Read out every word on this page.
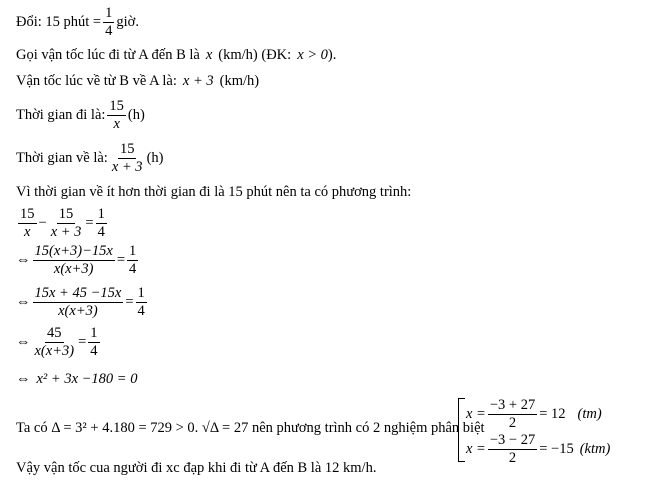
Đổi: 15 phút = $\frac{1}{4}$ giờ.
Gọi vận tốc lúc đi từ A đến B là x (km/h) (ĐK: x > 0 ).
Vận tốc lúc về từ B về A là: x + 3 (km/h)
Thời gian đi là: $\frac{15}{x} (h)$
Thời gian về là: $\frac{15}{x + 3} (h)$
Vì thời gian về ít hơn thời gian đi là 15 phút nên ta có phương trình:
$\frac{15}{x} - \frac{15}{x + 3} = \frac{1}{4}$
⇔ $\frac{15(x+3)-15x}{x(x+3)} = \frac{1}{4}$
⇔ $\frac{15x + 45 -15x}{x(x+3)} = \frac{1}{4}$
⇔ $\frac{45}{x(x+3)} = \frac{1}{4}$
⇔ x² + 3x −180 = 0
Ta có Δ = 3² + 4.180 = 729 > 0. √Δ = 27 nên phương trình có 2 nghiệm phân biệt
$x = \frac{-3 + 27}{2} = 12$ (tm)
$x = \frac{-3 - 27}{2} = -15$ (ktm)
Vậy vận tốc cua người đi xc đạp khi đi từ A đến B là 12 km/h.
